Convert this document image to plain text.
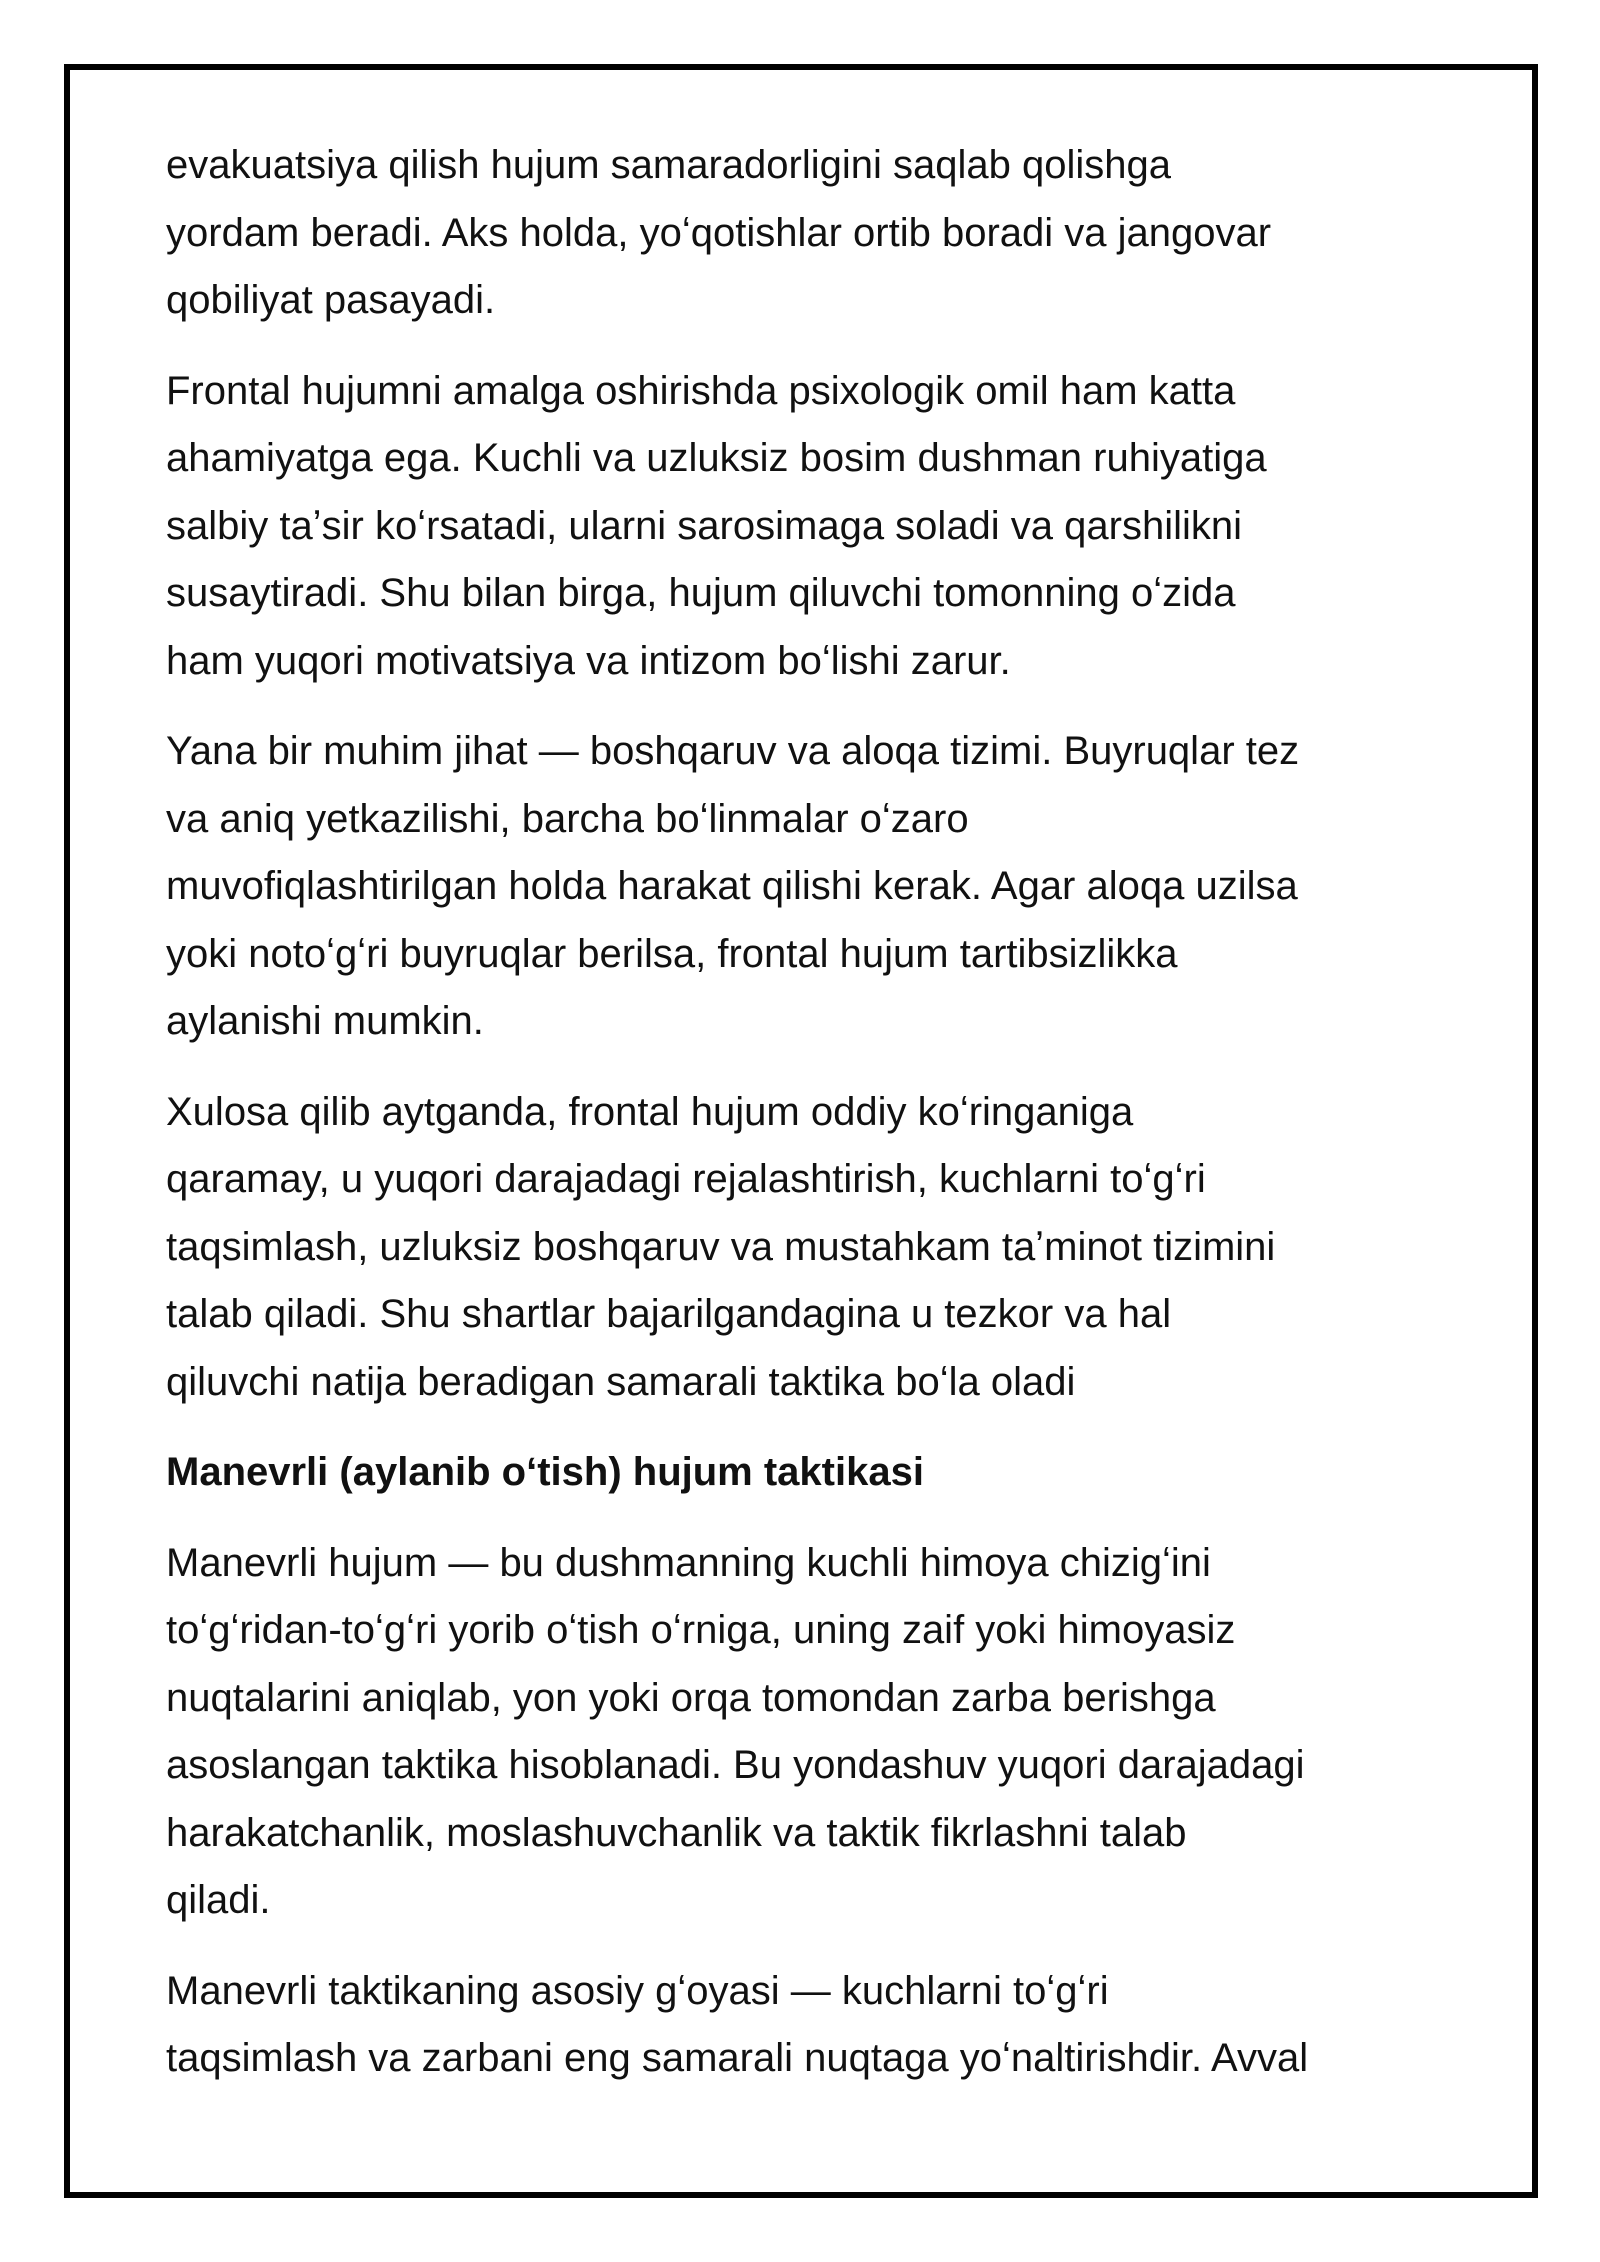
evakuatsiya qilish hujum samaradorligini saqlab qolishga
yordam beradi. Aks holda, yoʻqotishlar ortib boradi va jangovar
qobiliyat pasayadi.

Frontal hujumni amalga oshirishda psixologik omil ham katta
ahamiyatga ega. Kuchli va uzluksiz bosim dushman ruhiyatiga
salbiy taʼsir koʻrsatadi, ularni sarosimaga soladi va qarshilikni
susaytiradi. Shu bilan birga, hujum qiluvchi tomonning oʻzida
ham yuqori motivatsiya va intizom boʻlishi zarur.

Yana bir muhim jihat — boshqaruv va aloqa tizimi. Buyruqlar tez
va aniq yetkazilishi, barcha boʻlinmalar oʻzaro
muvofiqlashtirilgan holda harakat qilishi kerak. Agar aloqa uzilsa
yoki notoʻgʻri buyruqlar berilsa, frontal hujum tartibsizlikka
aylanishi mumkin.

Xulosa qilib aytganda, frontal hujum oddiy koʻringaniga
qaramay, u yuqori darajadagi rejalashtirish, kuchlarni toʻgʻri
taqsimlash, uzluksiz boshqaruv va mustahkam taʼminot tizimini
talab qiladi. Shu shartlar bajarilgandagina u tezkor va hal
qiluvchi natija beradigan samarali taktika boʻla oladi

Manevrli (aylanib oʻtish) hujum taktikasi

Manevrli hujum — bu dushmanning kuchli himoya chizigʻini
toʻgʻridan-toʻgʻri yorib oʻtish oʻrniga, uning zaif yoki himoyasiz
nuqtalarini aniqlab, yon yoki orqa tomondan zarba berishga
asoslangan taktika hisoblanadi. Bu yondashuv yuqori darajadagi
harakatchanlik, moslashuvchanlik va taktik fikrlashni talab
qiladi.

Manevrli taktikaning asosiy gʻoyasi — kuchlarni toʻgʻri
taqsimlash va zarbani eng samarali nuqtaga yoʻnaltirishdir. Avval
